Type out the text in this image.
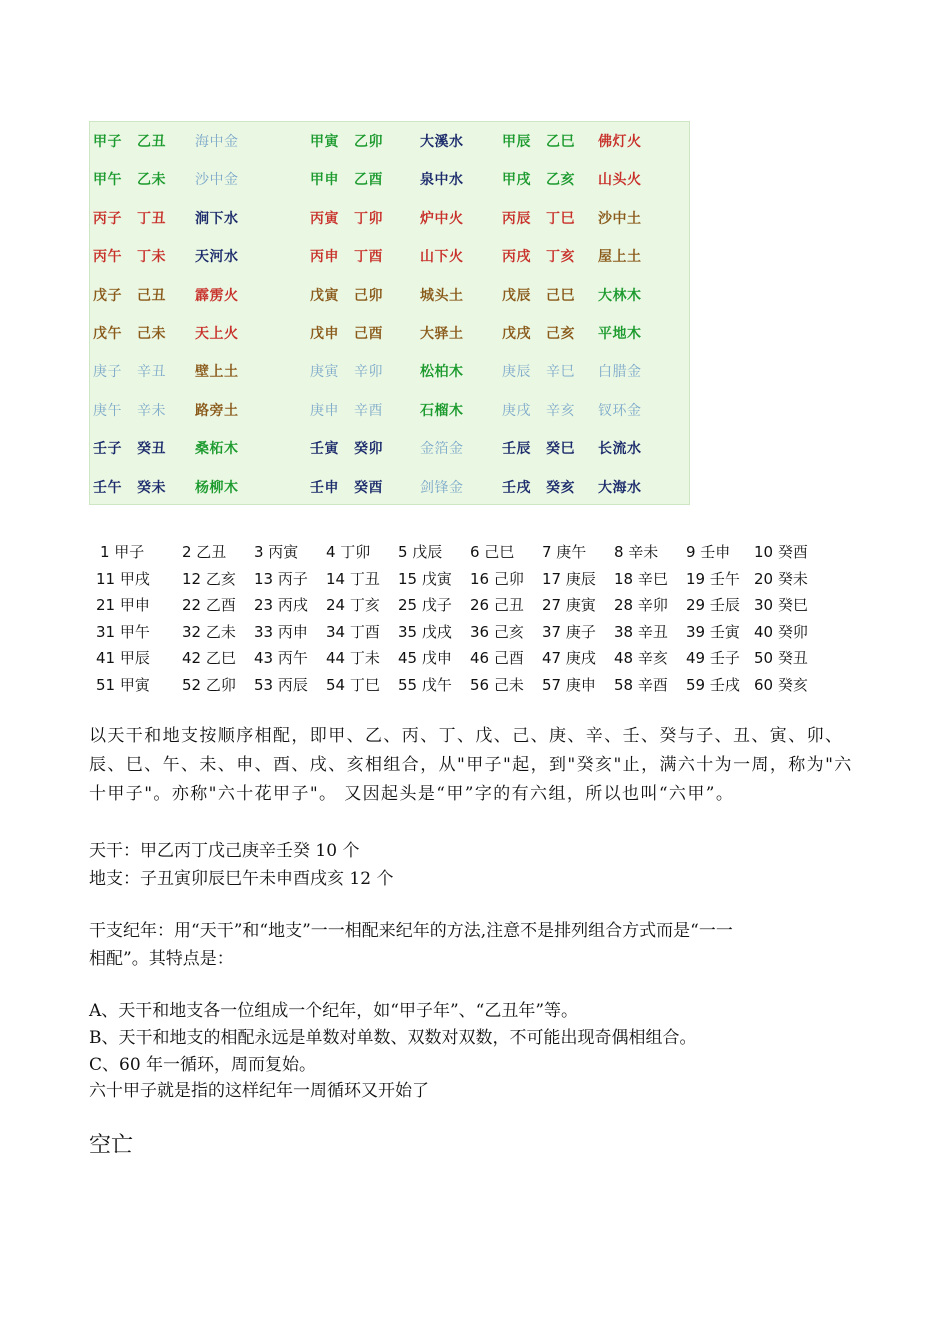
甲子 乙丑 海中金	甲寅 乙卯	大溪水	甲辰 乙巳 佛灯火
甲午 乙未 沙中金	甲申 乙酉	泉中水	甲戌 乙亥 山头火
丙子 丁丑 涧下水	丙寅 丁卯	炉中火	丙辰 丁巳 沙中土
丙午 丁未 天河水	丙申 丁酉	山下火	丙戌 丁亥 屋上土
戊子 己丑 霹雳火	戊寅 己卯	城头土	戊辰 己巳 大林木
戊午 己未 天上火	戊申 己酉	大驿土	戊戌 己亥 平地木
庚子 辛丑 壁上土	庚寅 辛卯	松柏木	庚辰 辛巳 白腊金
庚午 辛未 路旁土	庚申 辛酉	石榴木	庚戌 辛亥 钗环金
壬子 癸丑 桑柘木	壬寅 癸卯	金箔金	壬辰 癸巳 长流水
壬午 癸未 杨柳木	壬申 癸酉	剑锋金	壬戌 癸亥 大海水
1 甲子	2 乙丑 3 丙寅 4 丁卯 5 戊辰 6 己巳 7 庚午 8 辛未 9 壬申 10 癸酉
11 甲戌 12 乙亥 13 丙子 14 丁丑 15 戊寅 16 己卯 17 庚辰 18 辛巳 19 壬午 20 癸未
21 甲申 22 乙酉 23 丙戌 24 丁亥 25 戊子 26 己丑 27 庚寅 28 辛卯 29 壬辰 30 癸巳
31 甲午 32 乙未 33 丙申 34 丁酉 35 戊戌 36 己亥 37 庚子 38 辛丑 39 壬寅 40 癸卯
41 甲辰 42 乙巳 43 丙午 44 丁未 45 戊申 46 己酉 47 庚戌 48 辛亥 49 壬子 50 癸丑
51 甲寅 52 乙卯 53 丙辰 54 丁巳 55 戊午 56 己未 57 庚申 58 辛酉 59 壬戌 60 癸亥

以天干和地支按顺序相配，即甲、乙、丙、丁、戊、己、庚、辛、壬、癸与子、丑、寅、卯、辰、巳、午、未、申、酉、戌、亥相组合，从"甲子"起，到"癸亥"止，满六十为一周，称为"六十甲子"。亦称"六十花甲子"。 又因起头是“甲”字的有六组，所以也叫“六甲”。

天干：甲乙丙丁戊己庚辛壬癸 10 个
地支：子丑寅卯辰巳午未申酉戌亥 12 个
干支纪年：用“天干”和“地支”一一相配来纪年的方法,注意不是排列组合方式而是“一一
相配”。其特点是：
A、天干和地支各一位组成一个纪年，如“甲子年”、“乙丑年”等。
B、天干和地支的相配永远是单数对单数、双数对双数，不可能出现奇偶相组合。
C、60 年一循环，周而复始。
六十甲子就是指的这样纪年一周循环又开始了
空亡
